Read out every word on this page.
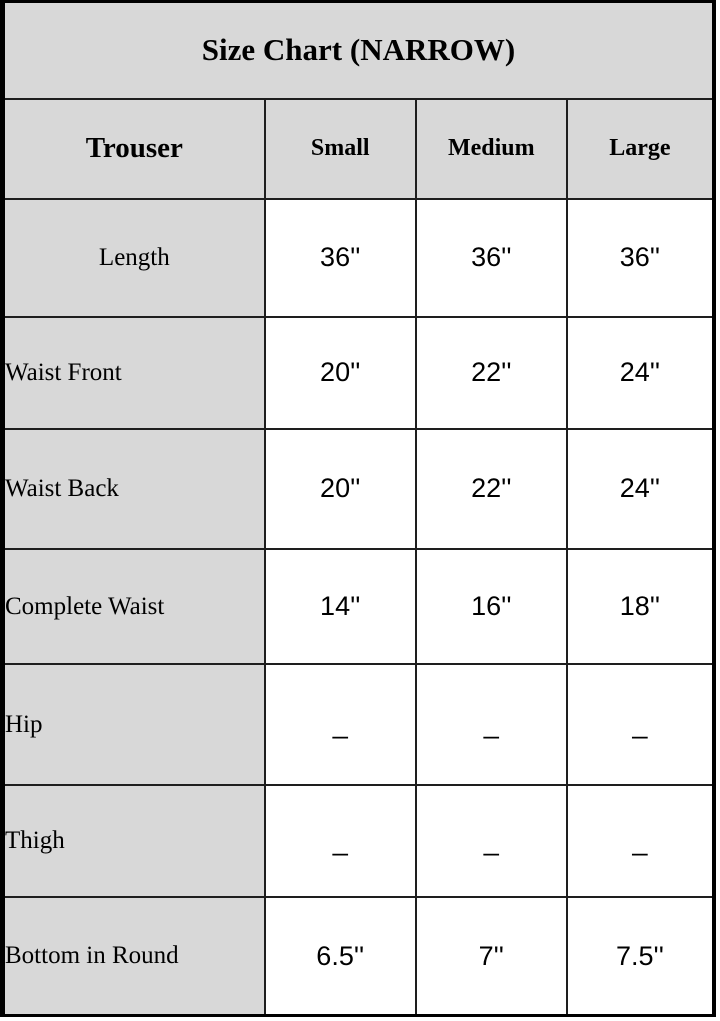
Size Chart (NARROW)			
Trouser	Small	Medium	Large
Length	36''	36''	36''
Waist Front	20''	22''	24''
Waist Back	20''	22''	24''
Complete Waist	14''	16''	18''
Hip	_	_	_
Thigh	_	_	_
Bottom in Round	6.5''	7''	7.5''
